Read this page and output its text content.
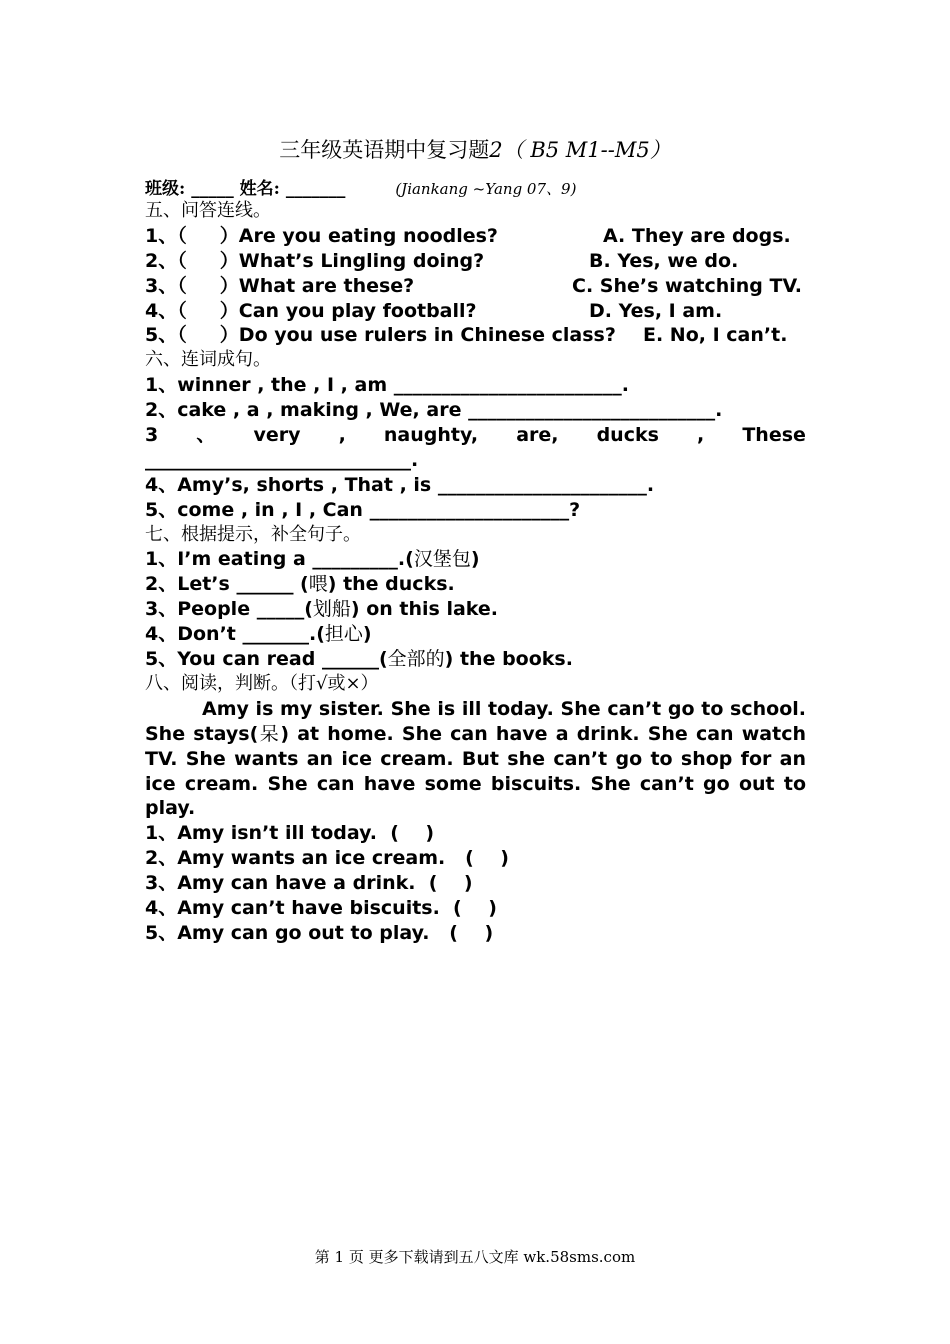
三年级英语期中复习题2（ B5 M1--M5）
班级: _____ 姓名: _______	(Jiankang ~Yang 07、9)
五、问答连线。
1、（     ）Are you eating noodles?	A. They are dogs.
2、（     ）What’s Lingling doing?	B. Yes, we do.
3、（     ）What are these?	C. She’s watching TV.
4、（     ）Can you play football?	D. Yes, I am.
5、（     ）Do you use rulers in Chinese class? E. No, I can’t.
六、连词成句。
1、winner , the , I , am ________________________.
2、cake , a , making , We, are __________________________.
3 、 very , naughty, are, ducks , These
____________________________.
4、Amy’s, shorts , That , is ______________________.
5、come , in , I , Can _____________________?
七、根据提示，补全句子。
1、I’m eating a _________.(汉堡包)
2、Let’s ______ (喂) the ducks.
3、People _____(划船) on this lake.
4、Don’t _______.(担心)
5、You can read ______(全部的) the books.
八、阅读，判断。（打√或×）
Amy is my sister. She is ill today. She can’t go to school. She stays(呆) at home. She can have a drink. She can watch TV. She wants an ice cream. But she can’t go to shop for an ice cream. She can have some biscuits. She can’t go out to play.
1、Amy isn’t ill today.  (    )
2、Amy wants an ice cream.   (    )
3、Amy can have a drink.  (    )
4、Amy can’t have biscuits.  (    )
5、Amy can go out to play.   (    )
第 1 页 更多下载请到五八文库 wk.58sms.com
